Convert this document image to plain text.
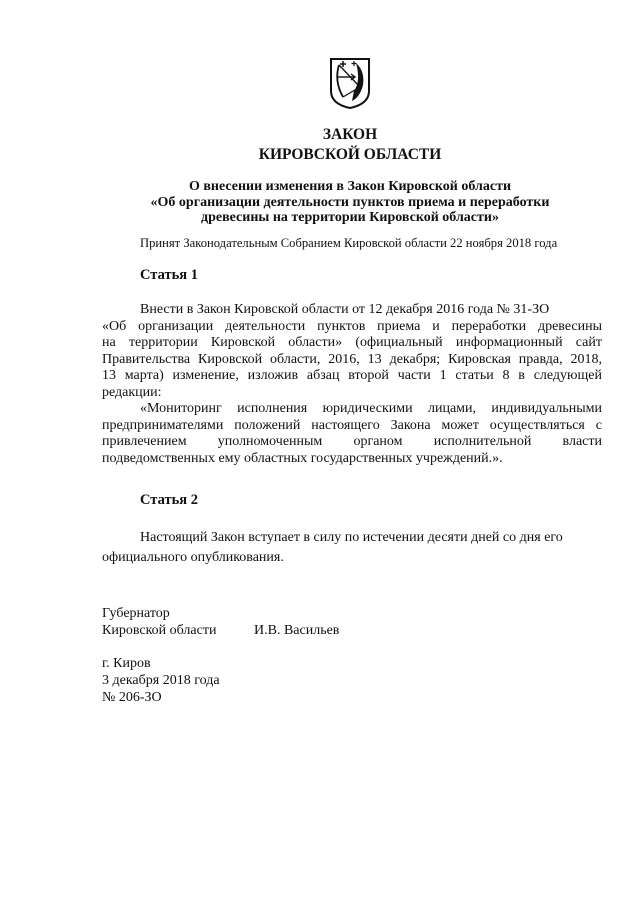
ЗАКОН
КИРОВСКОЙ ОБЛАСТИ
О внесении изменения в Закон Кировской области
«Об организации деятельности пунктов приема и переработки
древесины на территории Кировской области»
Принят Законодательным Собранием Кировской области 22 ноября 2018 года
Статья 1
Внести в Закон Кировской области от 12 декабря 2016 года № 31-ЗО
«Об организации деятельности пунктов приема и переработки древесины
на территории Кировской области» (официальный информационный сайт
Правительства Кировской области, 2016, 13 декабря; Кировская правда, 2018,
13 марта) изменение, изложив абзац второй части 1 статьи 8 в следующей
редакции:
«Мониторинг исполнения юридическими лицами, индивидуальными
предпринимателями положений настоящего Закона может осуществляться с
привлечением уполномоченным органом исполнительной власти
подведомственных ему областных государственных учреждений.».
Статья 2
Настоящий Закон вступает в силу по истечении десяти дней со дня его
официального опубликования.
Губернатор
Кировской области	И.В. Васильев
г. Киров
3 декабря 2018 года
№ 206-ЗО
